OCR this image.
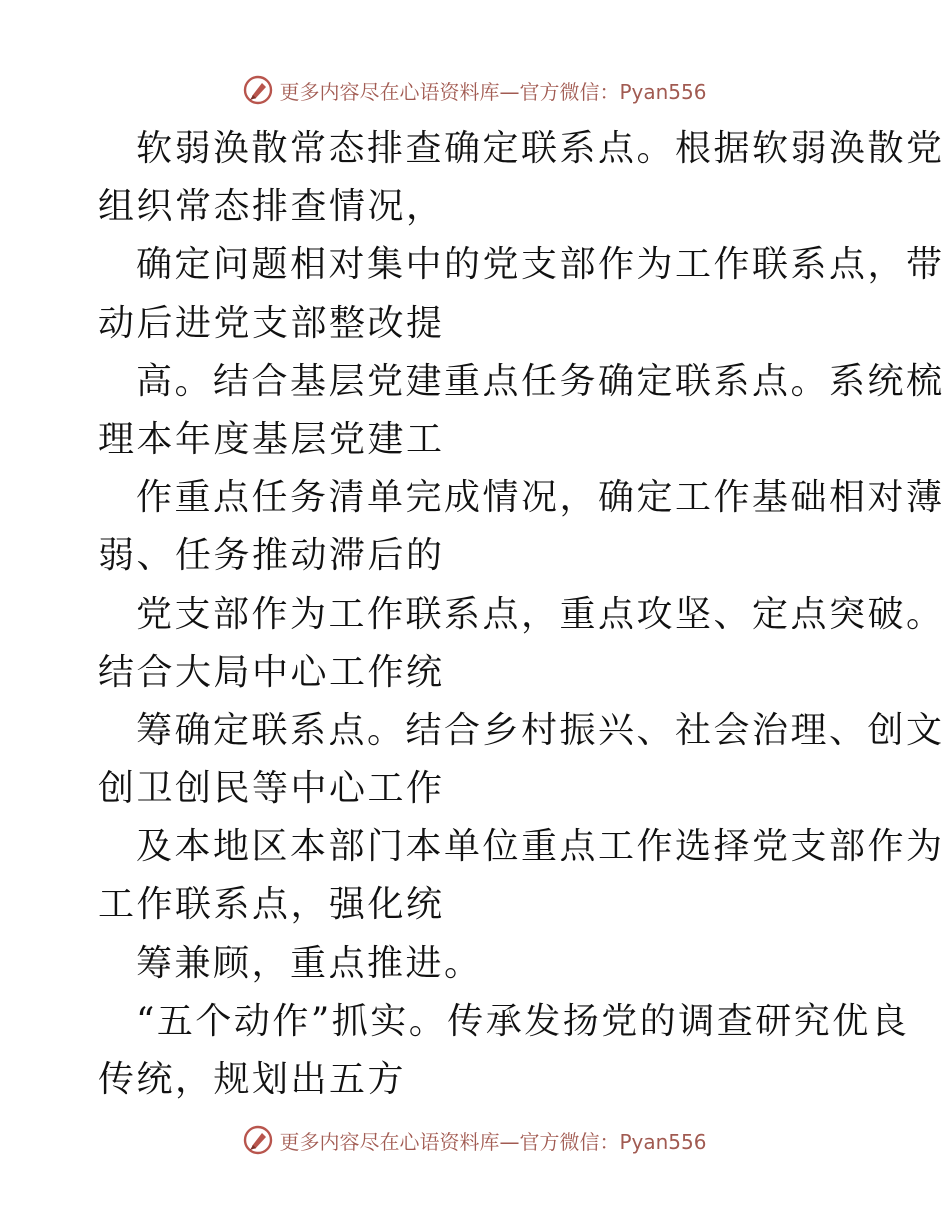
更多内容尽在心语资料库—官方微信：Pyan556
软弱涣散常态排查确定联系点。根据软弱涣散党
组织常态排查情况，
确定问题相对集中的党支部作为工作联系点，带
动后进党支部整改提
高。结合基层党建重点任务确定联系点。系统梳
理本年度基层党建工
作重点任务清单完成情况，确定工作基础相对薄
弱、任务推动滞后的
党支部作为工作联系点，重点攻坚、定点突破。
结合大局中心工作统
筹确定联系点。结合乡村振兴、社会治理、创文
创卫创民等中心工作
及本地区本部门本单位重点工作选择党支部作为
工作联系点，强化统
筹兼顾，重点推进。
“五个动作”抓实。传承发扬党的调查研究优良
传统，规划出五方
更多内容尽在心语资料库—官方微信：Pyan556
